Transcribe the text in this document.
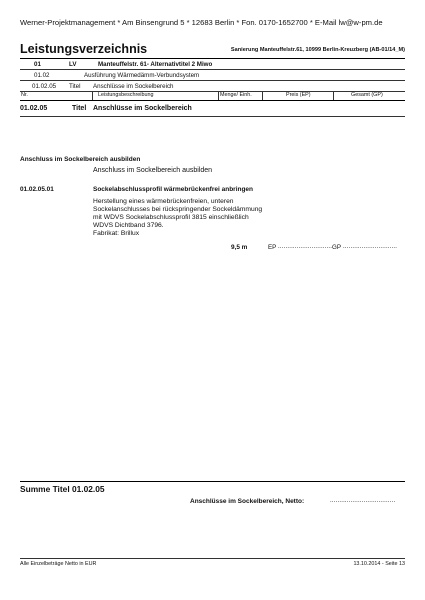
Werner-Projektmanagement * Am Binsengrund 5 * 12683 Berlin * Fon. 0170-1652700 * E-Mail lw@w-pm.de
Leistungsverzeichnis	Sanierung Manteuffelstr.61, 10999 Berlin-Kreuzberg (AB-01/14_M)
01	LV	Manteuffelstr. 61- Alternativtitel 2 Miwo
01.02	Ausführung Wärmedämm-Verbundsystem
01.02.05 Titel Anschlüsse im Sockelbereich
Nr.	Leistungsbeschreibung	Menge/ Einh.	Preis (EP)	Gesamt (GP)
01.02.05	Titel Anschlüsse im Sockelbereich
Anschluss im Sockelbereich ausbilden
Anschluss im Sockelbereich ausbilden
01.02.05.01	Sockelabschlussprofil wärmebrückenfrei anbringen
Herstellung eines wärmebrückenfreien, unteren
Sockelanschlusses bei rückspringender Sockeldämmung
mit WDVS Sockelabschlussprofil 3815 einschließlich
WDVS Dichtband 3796.
Fabrikat: Brillux
9,5 m	EP ............................. GP .............................
Summe Titel 01.02.05
Anschlüsse im Sockelbereich, Netto:	...................................
Alle Einzelbeträge Netto in EUR	13.10.2014 - Seite 13
